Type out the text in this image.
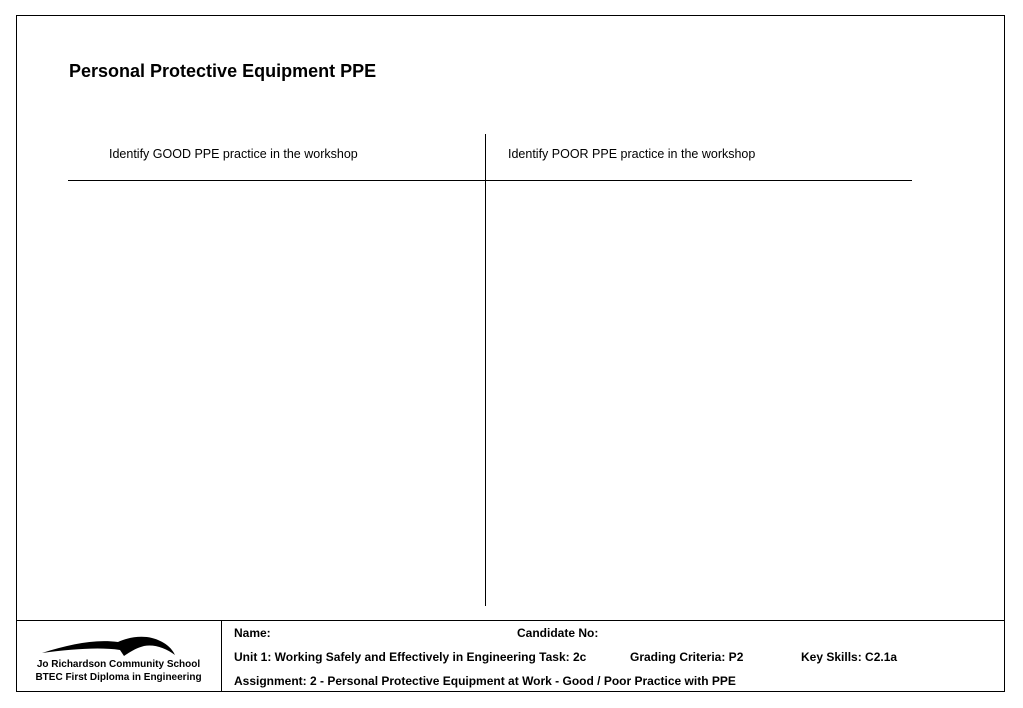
Personal Protective Equipment PPE
Identify GOOD PPE practice in the workshop	Identify POOR PPE practice in the workshop
Jo Richardson Community School
BTEC First Diploma in Engineering
Name:	Candidate No:
Unit 1: Working Safely and Effectively in Engineering Task: 2c	Grading Criteria: P2	Key Skills: C2.1a
Assignment: 2 - Personal Protective Equipment at Work - Good / Poor Practice with PPE
